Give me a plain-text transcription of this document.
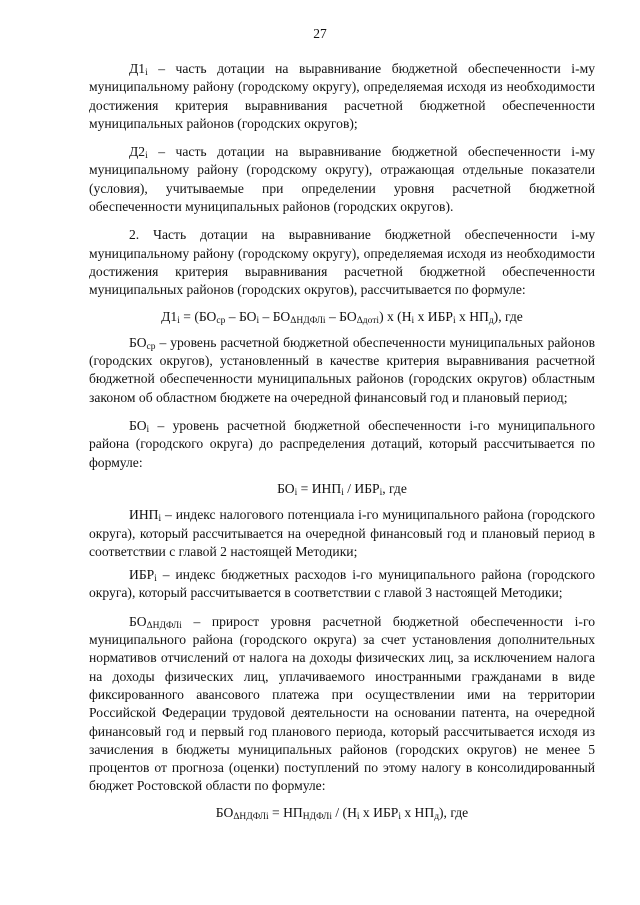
27

$Д1_i$ – часть дотации на выравнивание бюджетной обеспеченности i-му муниципальному району (городскому округу), определяемая исходя из необходимости достижения критерия выравнивания расчетной бюджетной обеспеченности муниципальных районов (городских округов);

$Д2_i$ – часть дотации на выравнивание бюджетной обеспеченности i-му муниципальному району (городскому округу), отражающая отдельные показатели (условия), учитываемые при определении уровня расчетной бюджетной обеспеченности муниципальных районов (городских округов).

2. Часть дотации на выравнивание бюджетной обеспеченности i-му муниципальному району (городскому округу), определяемая исходя из необходимости достижения критерия выравнивания расчетной бюджетной обеспеченности муниципальных районов (городских округов), рассчитывается по формуле:

$Д1_i = (БО_{ср} - БО_i - БО_{\Delta НДФЛi} - БО_{\Delta дотi})$ x ($Н_i$ x $ИБР_i$ x $НП_д$), где

$БО_{ср}$ – уровень расчетной бюджетной обеспеченности муниципальных районов (городских округов), установленный в качестве критерия выравнивания расчетной бюджетной обеспеченности муниципальных районов (городских округов) областным законом об областном бюджете на очередной финансовый год и плановый период;

$БО_i$ – уровень расчетной бюджетной обеспеченности i-го муниципального района (городского округа) до распределения дотаций, который рассчитывается по формуле:

$БО_i = ИНП_i / ИБР_i$, где

$ИНП_i$ – индекс налогового потенциала i-го муниципального района (городского округа), который рассчитывается на очередной финансовый год и плановый период в соответствии с главой 2 настоящей Методики;

$ИБР_i$ – индекс бюджетных расходов i-го муниципального района (городского округа), который рассчитывается в соответствии с главой 3 настоящей Методики;

$БО_{\Delta НДФЛi}$ – прирост уровня расчетной бюджетной обеспеченности i-го муниципального района (городского округа) за счет установления дополнительных нормативов отчислений от налога на доходы физических лиц, за исключением налога на доходы физических лиц, уплачиваемого иностранными гражданами в виде фиксированного авансового платежа при осуществлении ими на территории Российской Федерации трудовой деятельности на основании патента, на очередной финансовый год и первый год планового периода, который рассчитывается исходя из зачисления в бюджеты муниципальных районов (городских округов) не менее 5 процентов от прогноза (оценки) поступлений по этому налогу в консолидированный бюджет Ростовской области по формуле:

$БО_{\Delta НДФЛi} = НП_{НДФЛi} / (Н_i$ x $ИБР_i$ x $НП_д$), где
